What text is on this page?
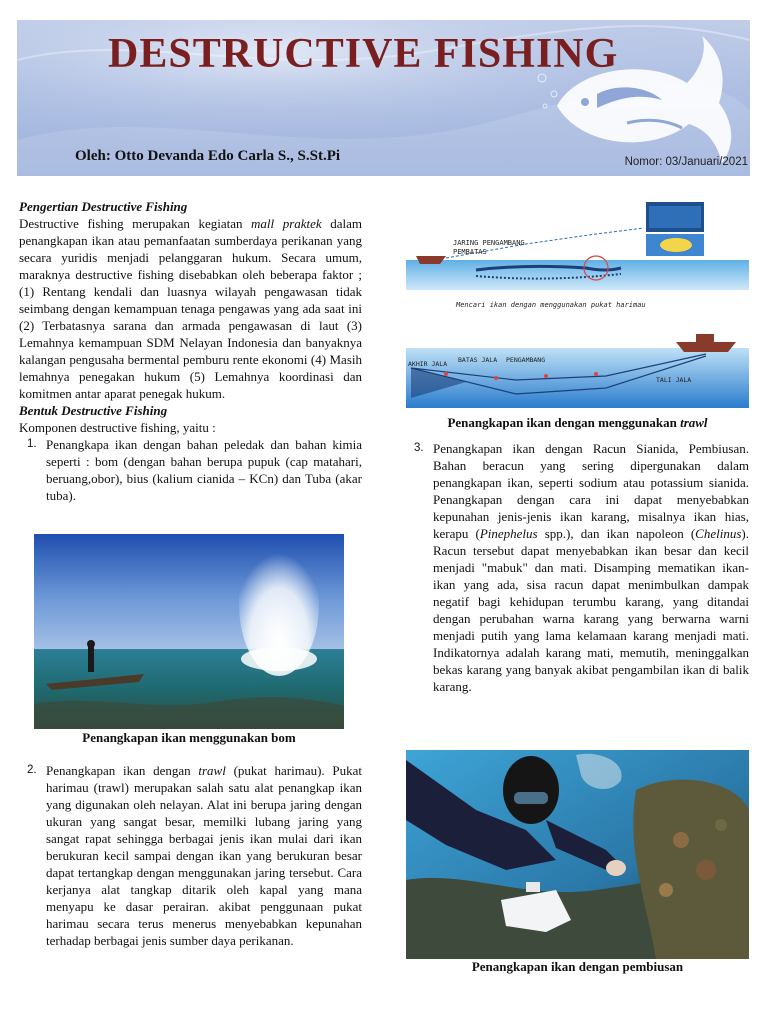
DESTRUCTIVE FISHING
Oleh: Otto Devanda Edo Carla S., S.St.Pi	Nomor: 03/Januari/2021
Pengertian Destructive Fishing
Destructive fishing merupakan kegiatan mall praktek dalam penangkapan ikan atau pemanfaatan sumberdaya perikanan yang secara yuridis menjadi pelanggaran hukum. Secara umum, maraknya destructive fishing disebabkan oleh beberapa faktor ; (1) Rentang kendali dan luasnya wilayah pengawasan tidak seimbang dengan kemampuan tenaga pengawas yang ada saat ini (2) Terbatasnya sarana dan armada pengawasan di laut (3) Lemahnya kemampuan SDM Nelayan Indonesia dan banyaknya kalangan pengusaha bermental pemburu rente ekonomi (4) Masih lemahnya penegakan hukum (5) Lemahnya koordinasi dan komitmen antar aparat penegak hukum.
Bentuk Destructive Fishing
Komponen destructive fishing, yaitu :
1. Penangkapa ikan dengan bahan peledak dan bahan kimia seperti : bom (dengan bahan berupa pupuk (cap matahari, beruang,obor), bius (kalium cianida – KCn) dan Tuba (akar tuba).
Penangkapan ikan menggunakan bom
2. Penangkapan ikan dengan trawl (pukat harimau). Pukat harimau (trawl) merupakan salah satu alat penangkap ikan yang digunakan oleh nelayan. Alat ini berupa jaring dengan ukuran yang sangat besar, memilki lubang jaring yang sangat rapat sehingga berbagai jenis ikan mulai dari ikan berukuran kecil sampai dengan ikan yang berukuran besar dapat tertangkap dengan menggunakan jaring tersebut. Cara kerjanya alat tangkap ditarik oleh kapal yang mana menyapu ke dasar perairan. akibat penggunaan pukat harimau secara terus menerus menyebabkan kepunahan terhadap berbagai jenis sumber daya perikanan.
JARING PENGAMBANG
PEMBATAS
Mencari ikan dengan menggunakan pukat harimau
AKHIR JALA BATAS JALA PENGAMBANG
TALI JALA
Penangkapan ikan dengan menggunakan trawl
3. Penangkapan ikan dengan Racun Sianida, Pembiusan. Bahan beracun yang sering dipergunakan dalam penangkapan ikan, seperti sodium atau potassium sianida. Penangkapan dengan cara ini dapat menyebabkan kepunahan jenis-jenis ikan karang, misalnya ikan hias, kerapu (Pinephelus spp.), dan ikan napoleon (Chelinus). Racun tersebut dapat menyebabkan ikan besar dan kecil menjadi "mabuk" dan mati. Disamping mematikan ikan-ikan yang ada, sisa racun dapat menimbulkan dampak negatif bagi kehidupan terumbu karang, yang ditandai dengan perubahan warna karang yang berwarna warni menjadi putih yang lama kelamaan karang menjadi mati. Indikatornya adalah karang mati, memutih, meninggalkan bekas karang yang banyak akibat pengambilan ikan di balik karang.
Penangkapan ikan dengan pembiusan
